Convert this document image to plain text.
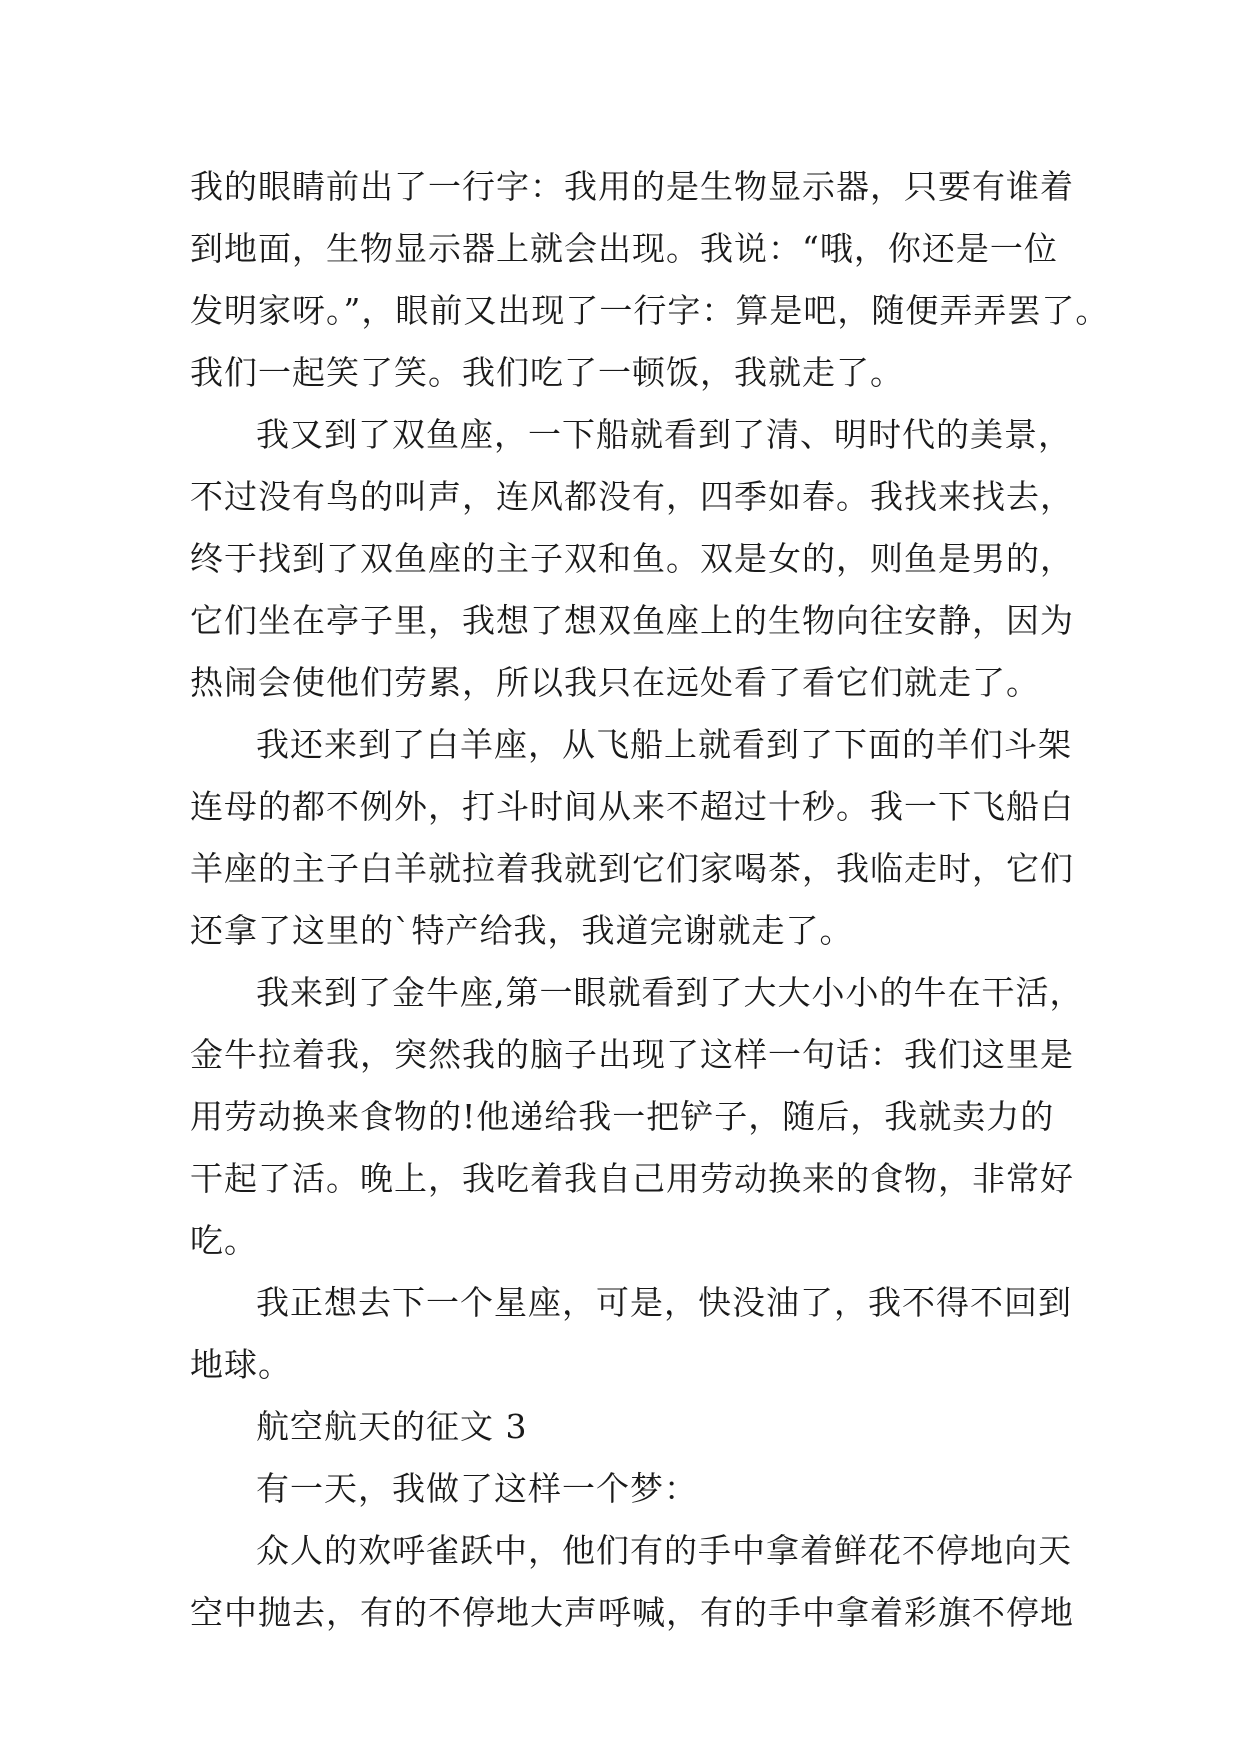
我的眼睛前出了一行字：我用的是生物显示器，只要有谁着
到地面，生物显示器上就会出现。我说：“哦，你还是一位
发明家呀。”，眼前又出现了一行字：算是吧，随便弄弄罢了。
我们一起笑了笑。我们吃了一顿饭，我就走了。
我又到了双鱼座，一下船就看到了清、明时代的美景，
不过没有鸟的叫声，连风都没有，四季如春。我找来找去，
终于找到了双鱼座的主子双和鱼。双是女的，则鱼是男的，
它们坐在亭子里，我想了想双鱼座上的生物向往安静，因为
热闹会使他们劳累，所以我只在远处看了看它们就走了。
我还来到了白羊座，从飞船上就看到了下面的羊们斗架
连母的都不例外，打斗时间从来不超过十秒。我一下飞船白
羊座的主子白羊就拉着我就到它们家喝茶，我临走时，它们
还拿了这里的`特产给我，我道完谢就走了。
我来到了金牛座,第一眼就看到了大大小小的牛在干活，
金牛拉着我，突然我的脑子出现了这样一句话：我们这里是
用劳动换来食物的!他递给我一把铲子，随后，我就卖力的
干起了活。晚上，我吃着我自己用劳动换来的食物，非常好
吃。
我正想去下一个星座，可是，快没油了，我不得不回到
地球。
航空航天的征文 3
有一天，我做了这样一个梦：
众人的欢呼雀跃中，他们有的手中拿着鲜花不停地向天
空中抛去，有的不停地大声呼喊，有的手中拿着彩旗不停地
